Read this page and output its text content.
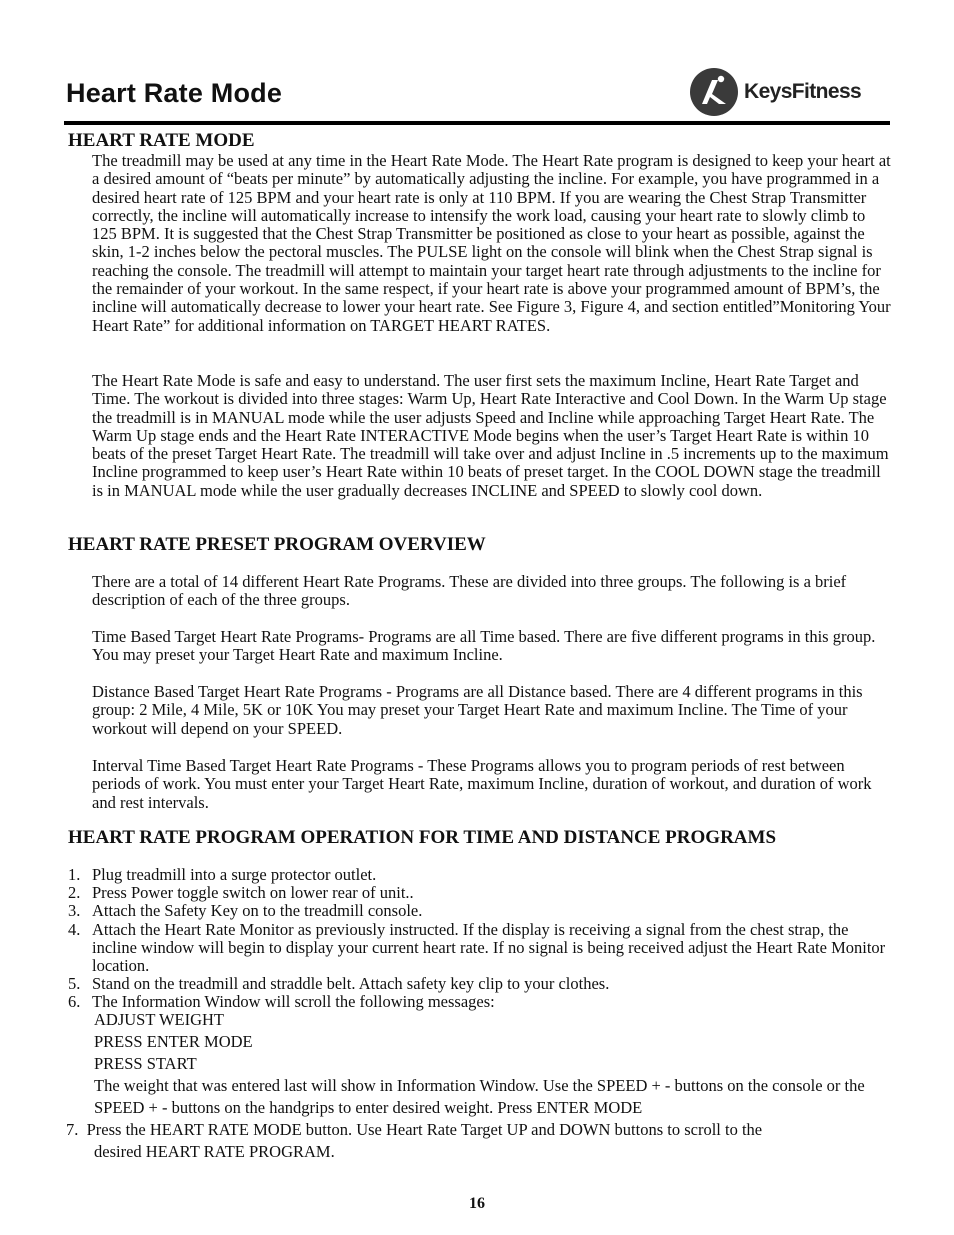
Heart Rate Mode	KeysFitness
HEART RATE MODE

The treadmill may be used at any time in the Heart Rate Mode. The Heart Rate program is designed to keep your heart at a desired amount of “beats per minute” by automatically adjusting the incline. For example, you have programmed in a desired heart rate of 125 BPM and your heart rate is only at 110 BPM. If you are wearing the Chest Strap Transmitter correctly, the incline will automatically increase to intensify the work load, causing your heart rate to slowly climb to 125 BPM. It is suggested that the Chest Strap Transmitter be positioned as close to your heart as possible, against the skin, 1-2 inches below the pectoral muscles. The PULSE light on the console will blink when the Chest Strap signal is reaching the console. The treadmill will attempt to maintain your target heart rate through adjustments to the incline for the remainder of your workout. In the same respect, if your heart rate is above your programmed amount of BPM’s, the incline will automatically decrease to lower your heart rate. See Figure 3, Figure 4, and section entitled”Monitoring Your Heart Rate” for additional information on TARGET HEART RATES.

The Heart Rate Mode is safe and easy to understand. The user first sets the maximum Incline, Heart Rate Target and Time. The workout is divided into three stages: Warm Up, Heart Rate Interactive and Cool Down. In the Warm Up stage the treadmill is in MANUAL mode while the user adjusts Speed and Incline while approaching Target Heart Rate. The Warm Up stage ends and the Heart Rate INTERACTIVE Mode begins when the user’s Target Heart Rate is within 10 beats of the preset Target Heart Rate. The treadmill will take over and adjust Incline in .5 increments up to the maximum Incline programmed to keep user’s Heart Rate within 10 beats of preset target. In the COOL DOWN stage the treadmill is in MANUAL mode while the user gradually decreases INCLINE and SPEED to slowly cool down.

HEART RATE PRESET PROGRAM OVERVIEW

There are a total of 14 different Heart Rate Programs. These are divided into three groups. The following is a brief description of each of the three groups.

Time Based Target Heart Rate Programs- Programs are all Time based. There are five different programs in this group. You may preset your Target Heart Rate and maximum Incline.

Distance Based Target Heart Rate Programs - Programs are all Distance based. There are 4 different programs in this group: 2 Mile, 4 Mile, 5K or 10K You may preset your Target Heart Rate and maximum Incline. The Time of your workout will depend on your SPEED.

Interval Time Based Target Heart Rate Programs - These Programs allows you to program periods of rest between periods of work. You must enter your Target Heart Rate, maximum Incline, duration of workout, and duration of work and rest intervals.

HEART RATE PROGRAM OPERATION FOR TIME AND DISTANCE PROGRAMS
1. Plug treadmill into a surge protector outlet.
2. Press Power toggle switch on lower rear of unit..
3. Attach the Safety Key on to the treadmill console.
4. Attach the Heart Rate Monitor as previously instructed. If the display is receiving a signal from the chest strap, the incline window will begin to display your current heart rate. If no signal is being received adjust the Heart Rate Monitor location.
5. Stand on the treadmill and straddle belt. Attach safety key clip to your clothes.
6. The Information Window will scroll the following messages:

ADJUST WEIGHT

PRESS ENTER MODE

PRESS START

The weight that was entered last will show in Information Window. Use the SPEED + - buttons on the console or the SPEED + - buttons on the handgrips to enter desired weight. Press ENTER MODE

7. Press the HEART RATE MODE button. Use Heart Rate Target UP and DOWN buttons to scroll to the

desired HEART RATE PROGRAM.

16
